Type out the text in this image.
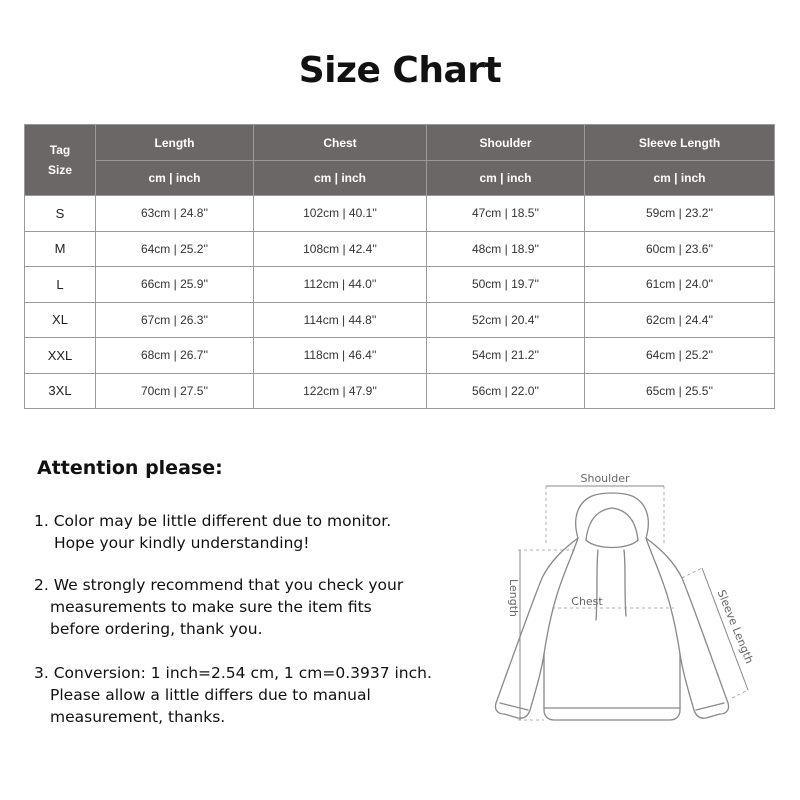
Size Chart
Tag
Size	Length	Chest	Shoulder	Sleeve Length
	cm | inch	cm | inch	cm | inch	cm | inch
S	63cm | 24.8''	102cm | 40.1''	47cm | 18.5''	59cm | 23.2''
M	64cm | 25.2''	108cm | 42.4''	48cm | 18.9''	60cm | 23.6''
L	66cm | 25.9''	112cm | 44.0''	50cm | 19.7''	61cm | 24.0''
XL	67cm | 26.3''	114cm | 44.8''	52cm | 20.4''	62cm | 24.4''
XXL	68cm | 26.7''	118cm | 46.4''	54cm | 21.2''	64cm | 25.2''
3XL	70cm | 27.5''	122cm | 47.9''	56cm | 22.0''	65cm | 25.5''
Attention please:
1. Color may be little different due to monitor.
Hope your kindly understanding!
2. We strongly recommend that you check your
measurements to make sure the item fits
before ordering, thank you.
3. Conversion: 1 inch=2.54 cm, 1 cm=0.3937 inch.
Please allow a little differs due to manual
measurement, thanks.
Shoulder
Chest
Length	Sleeve Length
